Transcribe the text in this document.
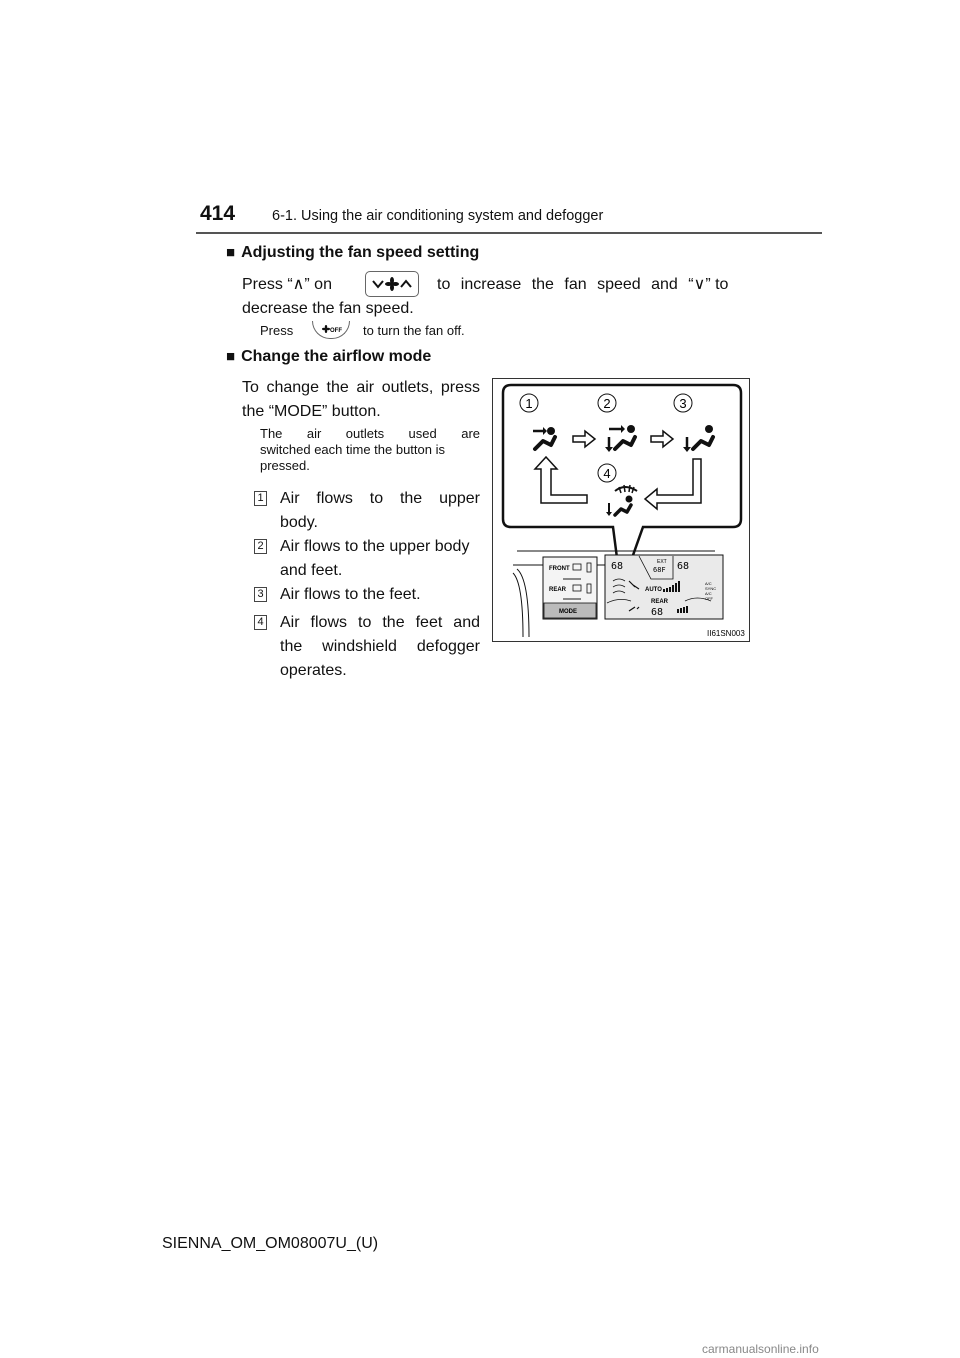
414	6-1. Using the air conditioning system and defogger
■ Adjusting the fan speed setting
Press “∧” on	to increase the fan speed and “∨” to
decrease the fan speed.
Press	OFF to turn the fan off.
■ Change the airflow mode
To change the air outlets, press
the “MODE” button.
The air outlets used are
switched each time the button is
pressed.
1 Air flows to the upper
body.
2 Air flows to the upper body
and feet.
3 Air flows to the feet.
4 Air flows to the feet and
the windshield defogger
operates.
1	2	3
4
FRONT
REAR
MODE
68	EXT
68F 68
AUTO
A/C
SYNC
A/C
OFF
REAR
68
II61SN003
SIENNA_OM_OM08007U_(U)
carmanualsonline.info
